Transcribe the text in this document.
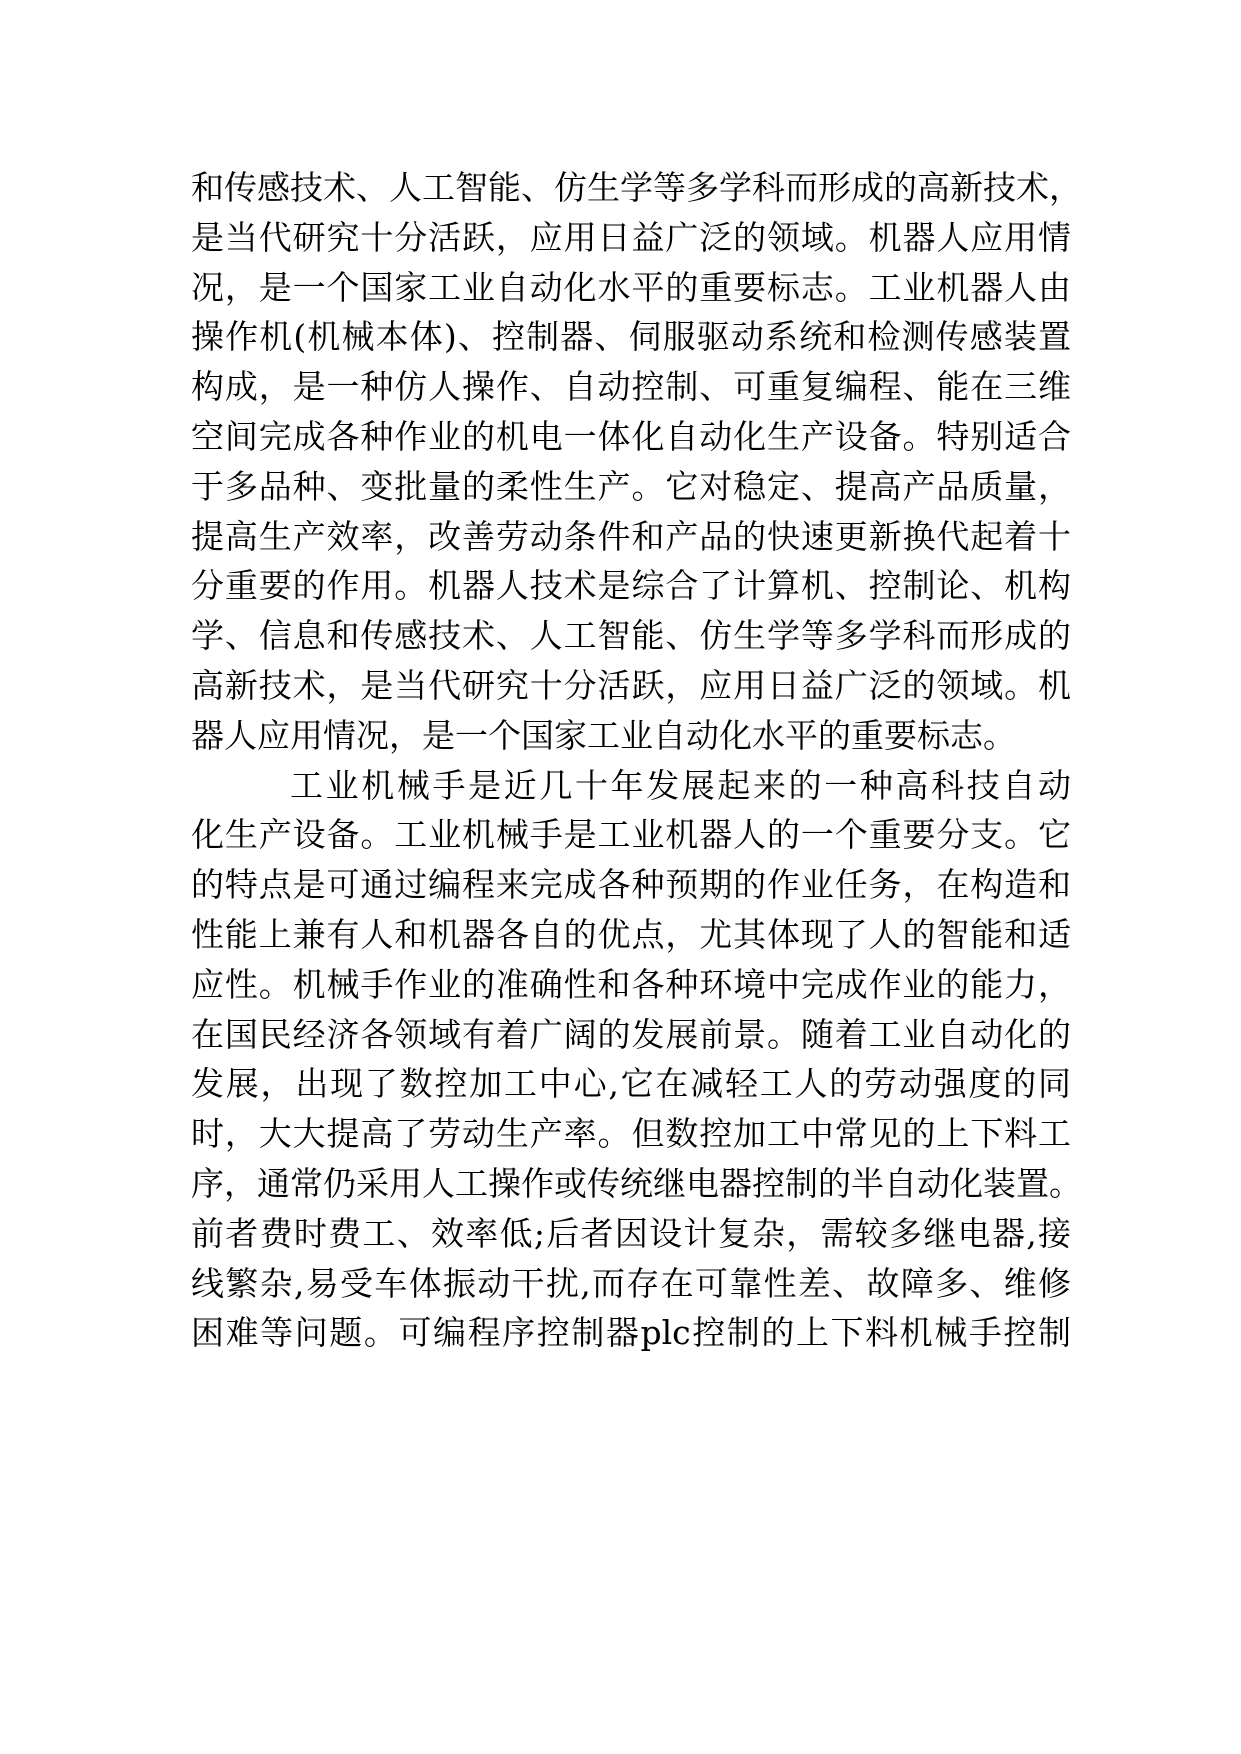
和传感技术、人工智能、仿生学等多学科而形成的高新技术，
是当代研究十分活跃，应用日益广泛的领域。机器人应用情
况，是一个国家工业自动化水平的重要标志。工业机器人由
操作机(机械本体)、控制器、伺服驱动系统和检测传感装置
构成，是一种仿人操作、自动控制、可重复编程、能在三维
空间完成各种作业的机电一体化自动化生产设备。特别适合
于多品种、变批量的柔性生产。它对稳定、提高产品质量，
提高生产效率，改善劳动条件和产品的快速更新换代起着十
分重要的作用。机器人技术是综合了计算机、控制论、机构
学、信息和传感技术、人工智能、仿生学等多学科而形成的
高新技术，是当代研究十分活跃，应用日益广泛的领域。机
器人应用情况，是一个国家工业自动化水平的重要标志。
工业机械手是近几十年发展起来的一种高科技自动
化生产设备。工业机械手是工业机器人的一个重要分支。它
的特点是可通过编程来完成各种预期的作业任务，在构造和
性能上兼有人和机器各自的优点，尤其体现了人的智能和适
应性。机械手作业的准确性和各种环境中完成作业的能力，
在国民经济各领域有着广阔的发展前景。随着工业自动化的
发展，出现了数控加工中心,它在减轻工人的劳动强度的同
时，大大提高了劳动生产率。但数控加工中常见的上下料工
序，通常仍采用人工操作或传统继电器控制的半自动化装置。
前者费时费工、效率低;后者因设计复杂，需较多继电器,接
线繁杂,易受车体振动干扰,而存在可靠性差、故障多、维修
困难等问题。可编程序控制器plc控制的上下料机械手控制
